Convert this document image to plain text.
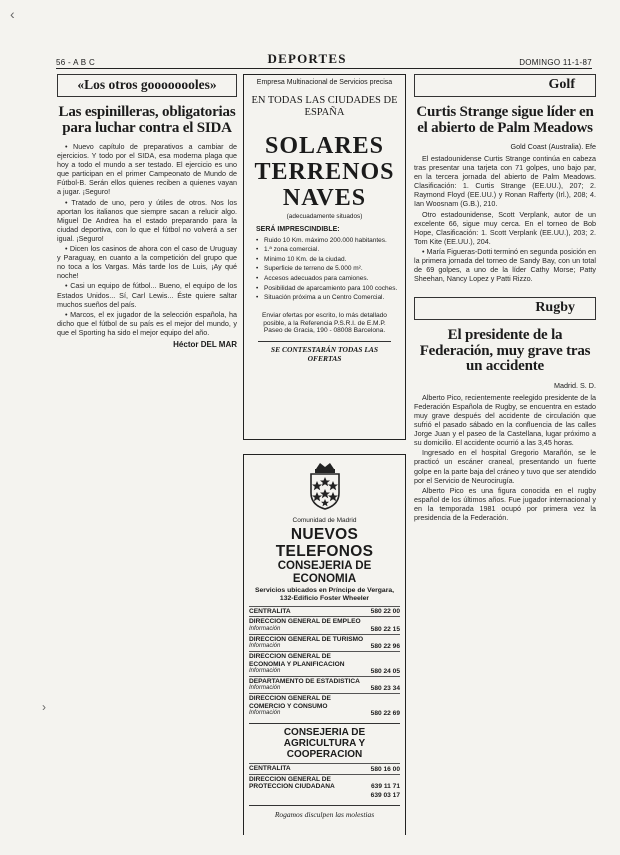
56 - A B C	DEPORTES	DOMINGO 11-1-87
«Los otros goooooooles»
Las espinilleras, obligatorias para luchar contra el SIDA

• Nuevo capítulo de preparativos a cambiar de ejercicios. Y todo por el SIDA, esa moderna plaga que hoy a todo el mundo a ser testado. El ejercicio es uno que participan en el primer Campeonato de Mundo de Fútbol-B. Serán ellos quienes reciben a quienes vayan a jugar. ¡Seguro!

• Tratado de uno, pero y útiles de otros. Nos los aportan los italianos que siempre sacan a relucir algo. Miguel De Andrea ha el estado preparando para la ciudad deportiva, con lo que el fútbol no volverá a ser igual. ¡Seguro!

• Dicen los casinos de ahora con el caso de Uruguay y Paraguay, en cuanto a la competición del grupo que no toca a los Vargas. Más tarde los de Luis, ¡Ay qué noche!

• Casi un equipo de fútbol... Bueno, el equipo de los Estados Unidos... Sí, Carl Lewis... Éste quiere saltar muchos sueños del país.

• Marcos, el ex jugador de la selección española, ha dicho que el fútbol de su país es el mejor del mundo, y que el Sporting ha sido el mejor equipo del año.

Héctor DEL MAR
Empresa Multinacional de Servicios precisa
EN TODAS LAS CIUDADES DE ESPAÑA
SOLARES
TERRENOS
NAVES
(adecuadamente situados)
SERÁ IMPRESCINDIBLE:
• Ruido 10 Km. máximo 200.000 habitantes.
• 1.ª zona comercial.
• Mínimo 10 Km. de la ciudad.
• Superficie de terreno de 5.000 m².
• Accesos adecuados para camiones.
• Posibilidad de aparcamiento para 100 coches.
• Situación próxima a un Centro Comercial.
Enviar ofertas por escrito, lo más detallado posible, a la Referencia P.S.R.I. de E.M.P. Paseo de Gracia, 190 - 08008 Barcelona.
SE CONTESTARÁN TODAS LAS OFERTAS
Comunidad de Madrid
NUEVOS TELEFONOS
CONSEJERIA DE ECONOMIA
Servicios ubicados en Príncipe de Vergara, 132-Edificio Foster Wheeler
CENTRALITA	580 22 00
DIRECCION GENERAL DE EMPLEO
Información	580 22 15
DIRECCION GENERAL DE TURISMO
Información	580 22 96
DIRECCION GENERAL DE ECONOMIA Y PLANIFICACION
Información	580 24 05
DEPARTAMENTO DE ESTADISTICA
Información	580 23 34
DIRECCION GENERAL DE COMERCIO Y CONSUMO
Información	580 22 69
CONSEJERIA DE AGRICULTURA Y COOPERACION
CENTRALITA	580 16 00
DIRECCION GENERAL DE PROTECCION CIUDADANA	639 11 71
639 03 17
Rogamos disculpen las molestias
Golf
Curtis Strange sigue líder en el abierto de Palm Meadows
Gold Coast (Australia). Efe

El estadounidense Curtis Strange continúa en cabeza tras presentar una tarjeta con 71 golpes, uno bajo par, en la tercera jornada del abierto de Palm Meadows. Clasificación: 1. Curtis Strange (EE.UU.), 207; 2. Raymond Floyd (EE.UU.) y Ronan Rafferty (Irl.), 208; 4. Ian Woosnam (G.B.), 210.

Otro estadounidense, Scott Verplank, autor de un excelente 66, sigue muy cerca. En el torneo de Bob Hope, Clasificación: 1. Scott Verplank (EE.UU.), 203; 2. Tom Kite (EE.UU.), 204.

• María Figueras-Dotti terminó en segunda posición en la primera jornada del torneo de Sandy Bay, con un total de 69 golpes, a uno de la líder Cathy Morse; Patty Sheehan, Nancy Lopez y Patti Rizzo.

Rugby
El presidente de la Federación, muy grave tras un accidente
Madrid. S. D.

Alberto Pico, recientemente reelegido presidente de la Federación Española de Rugby, se encuentra en estado muy grave después del accidente de circulación que sufrió el pasado sábado en la confluencia de las calles Jorge Juan y el paseo de la Castellana, lugar próximo a su domicilio. El accidente ocurrió a las 3,45 horas.

Ingresado en el hospital Gregorio Marañón, se le practicó un escáner craneal, presentando un fuerte golpe en la parte baja del cráneo y tuvo que ser atendido por el Servicio de Neurocirugía.

Alberto Pico es una figura conocida en el rugby español de los últimos años. Fue jugador internacional y en la temporada 1981 ocupó por primera vez la presidencia de la Federación.

‹
›
